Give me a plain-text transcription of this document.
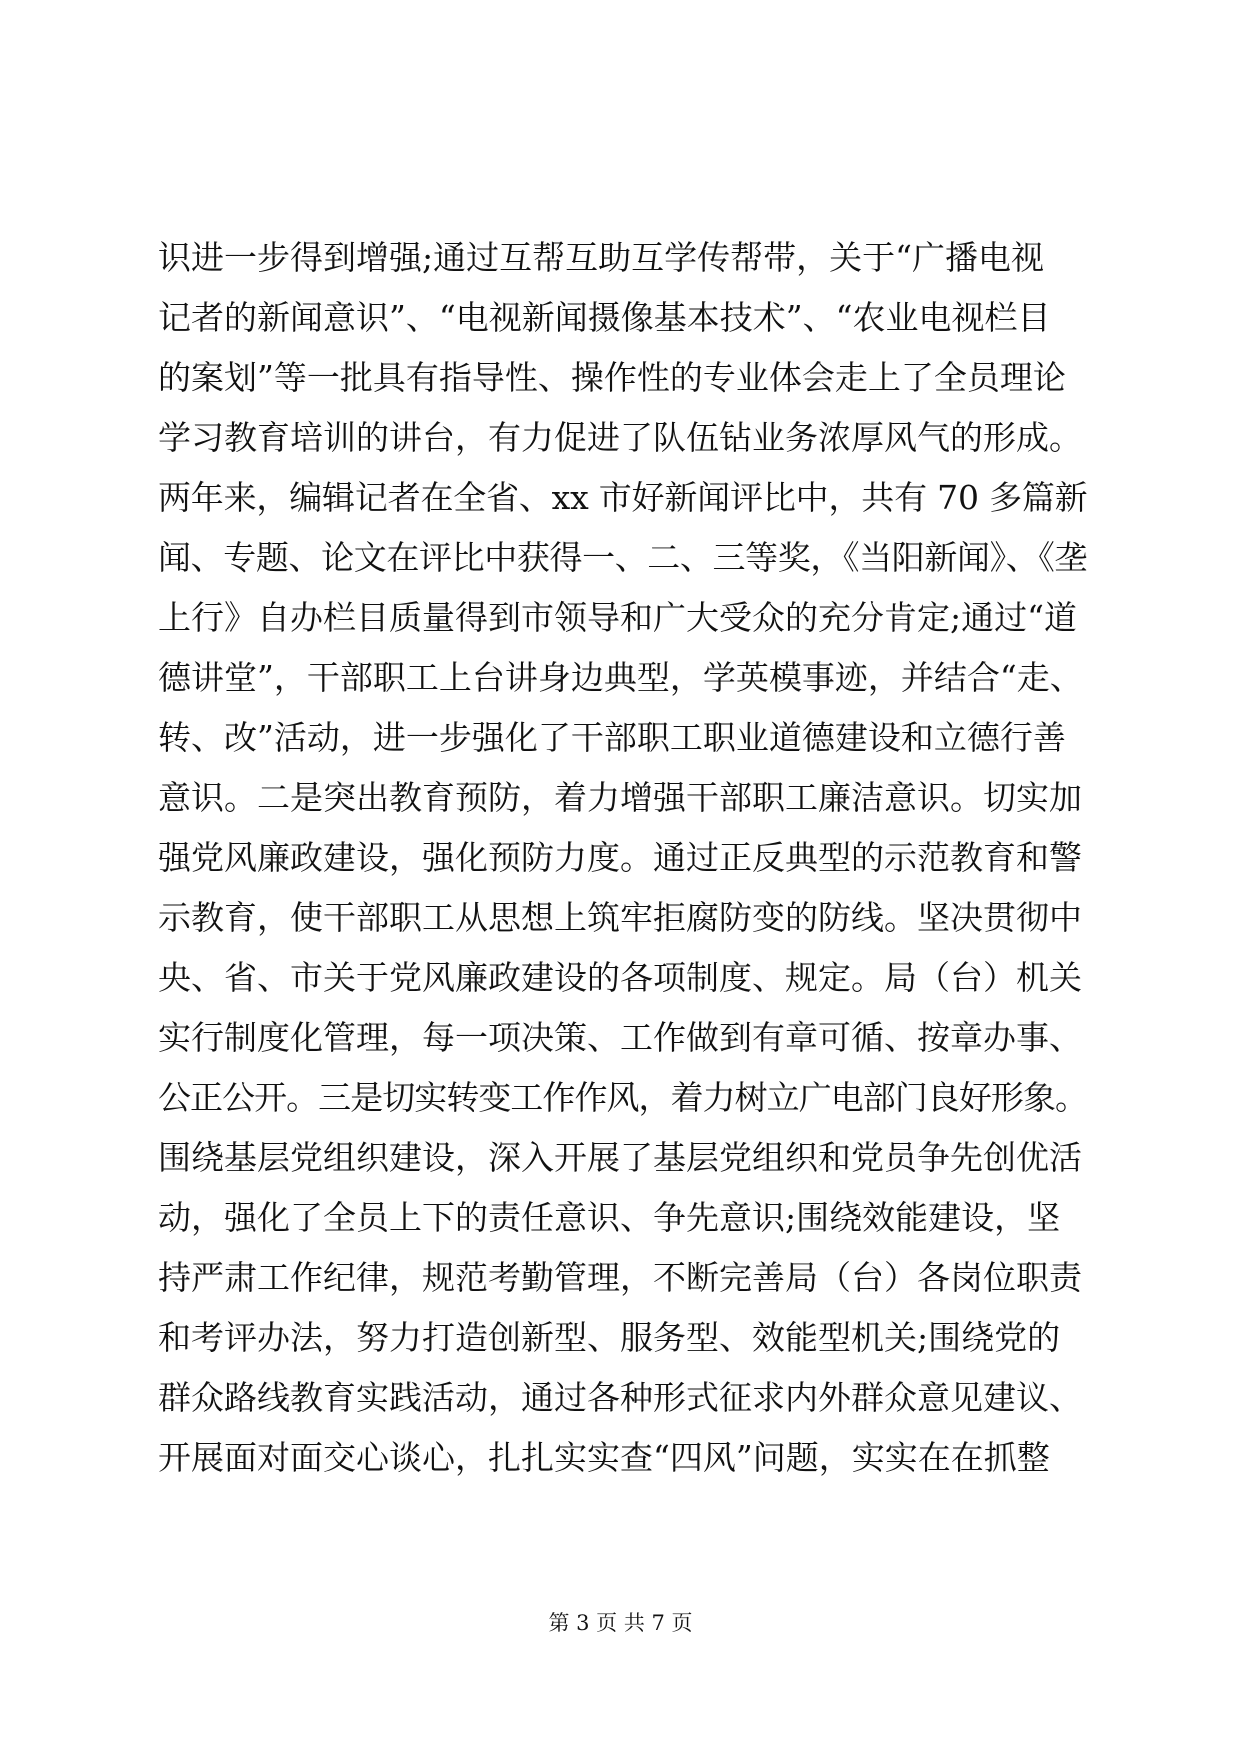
识进一步得到增强;通过互帮互助互学传帮带，关于“广播电视
记者的新闻意识”、“电视新闻摄像基本技术”、“农业电视栏目
的案划”等一批具有指导性、操作性的专业体会走上了全员理论
学习教育培训的讲台，有力促进了队伍钻业务浓厚风气的形成。
两年来，编辑记者在全省、xx 市好新闻评比中，共有 70 多篇新
闻、专题、论文在评比中获得一、二、三等奖，《当阳新闻》、《垄
上行》自办栏目质量得到市领导和广大受众的充分肯定;通过“道
德讲堂”，干部职工上台讲身边典型，学英模事迹，并结合“走、
转、改”活动，进一步强化了干部职工职业道德建设和立德行善
意识。二是突出教育预防，着力增强干部职工廉洁意识。切实加
强党风廉政建设，强化预防力度。通过正反典型的示范教育和警
示教育，使干部职工从思想上筑牢拒腐防变的防线。坚决贯彻中
央、省、市关于党风廉政建设的各项制度、规定。局（台）机关
实行制度化管理，每一项决策、工作做到有章可循、按章办事、
公正公开。三是切实转变工作作风，着力树立广电部门良好形象。
围绕基层党组织建设，深入开展了基层党组织和党员争先创优活
动，强化了全员上下的责任意识、争先意识;围绕效能建设，坚
持严肃工作纪律，规范考勤管理，不断完善局（台）各岗位职责
和考评办法，努力打造创新型、服务型、效能型机关;围绕党的
群众路线教育实践活动，通过各种形式征求内外群众意见建议、
开展面对面交心谈心，扎扎实实查“四风”问题，实实在在抓整
第 3 页 共 7 页
